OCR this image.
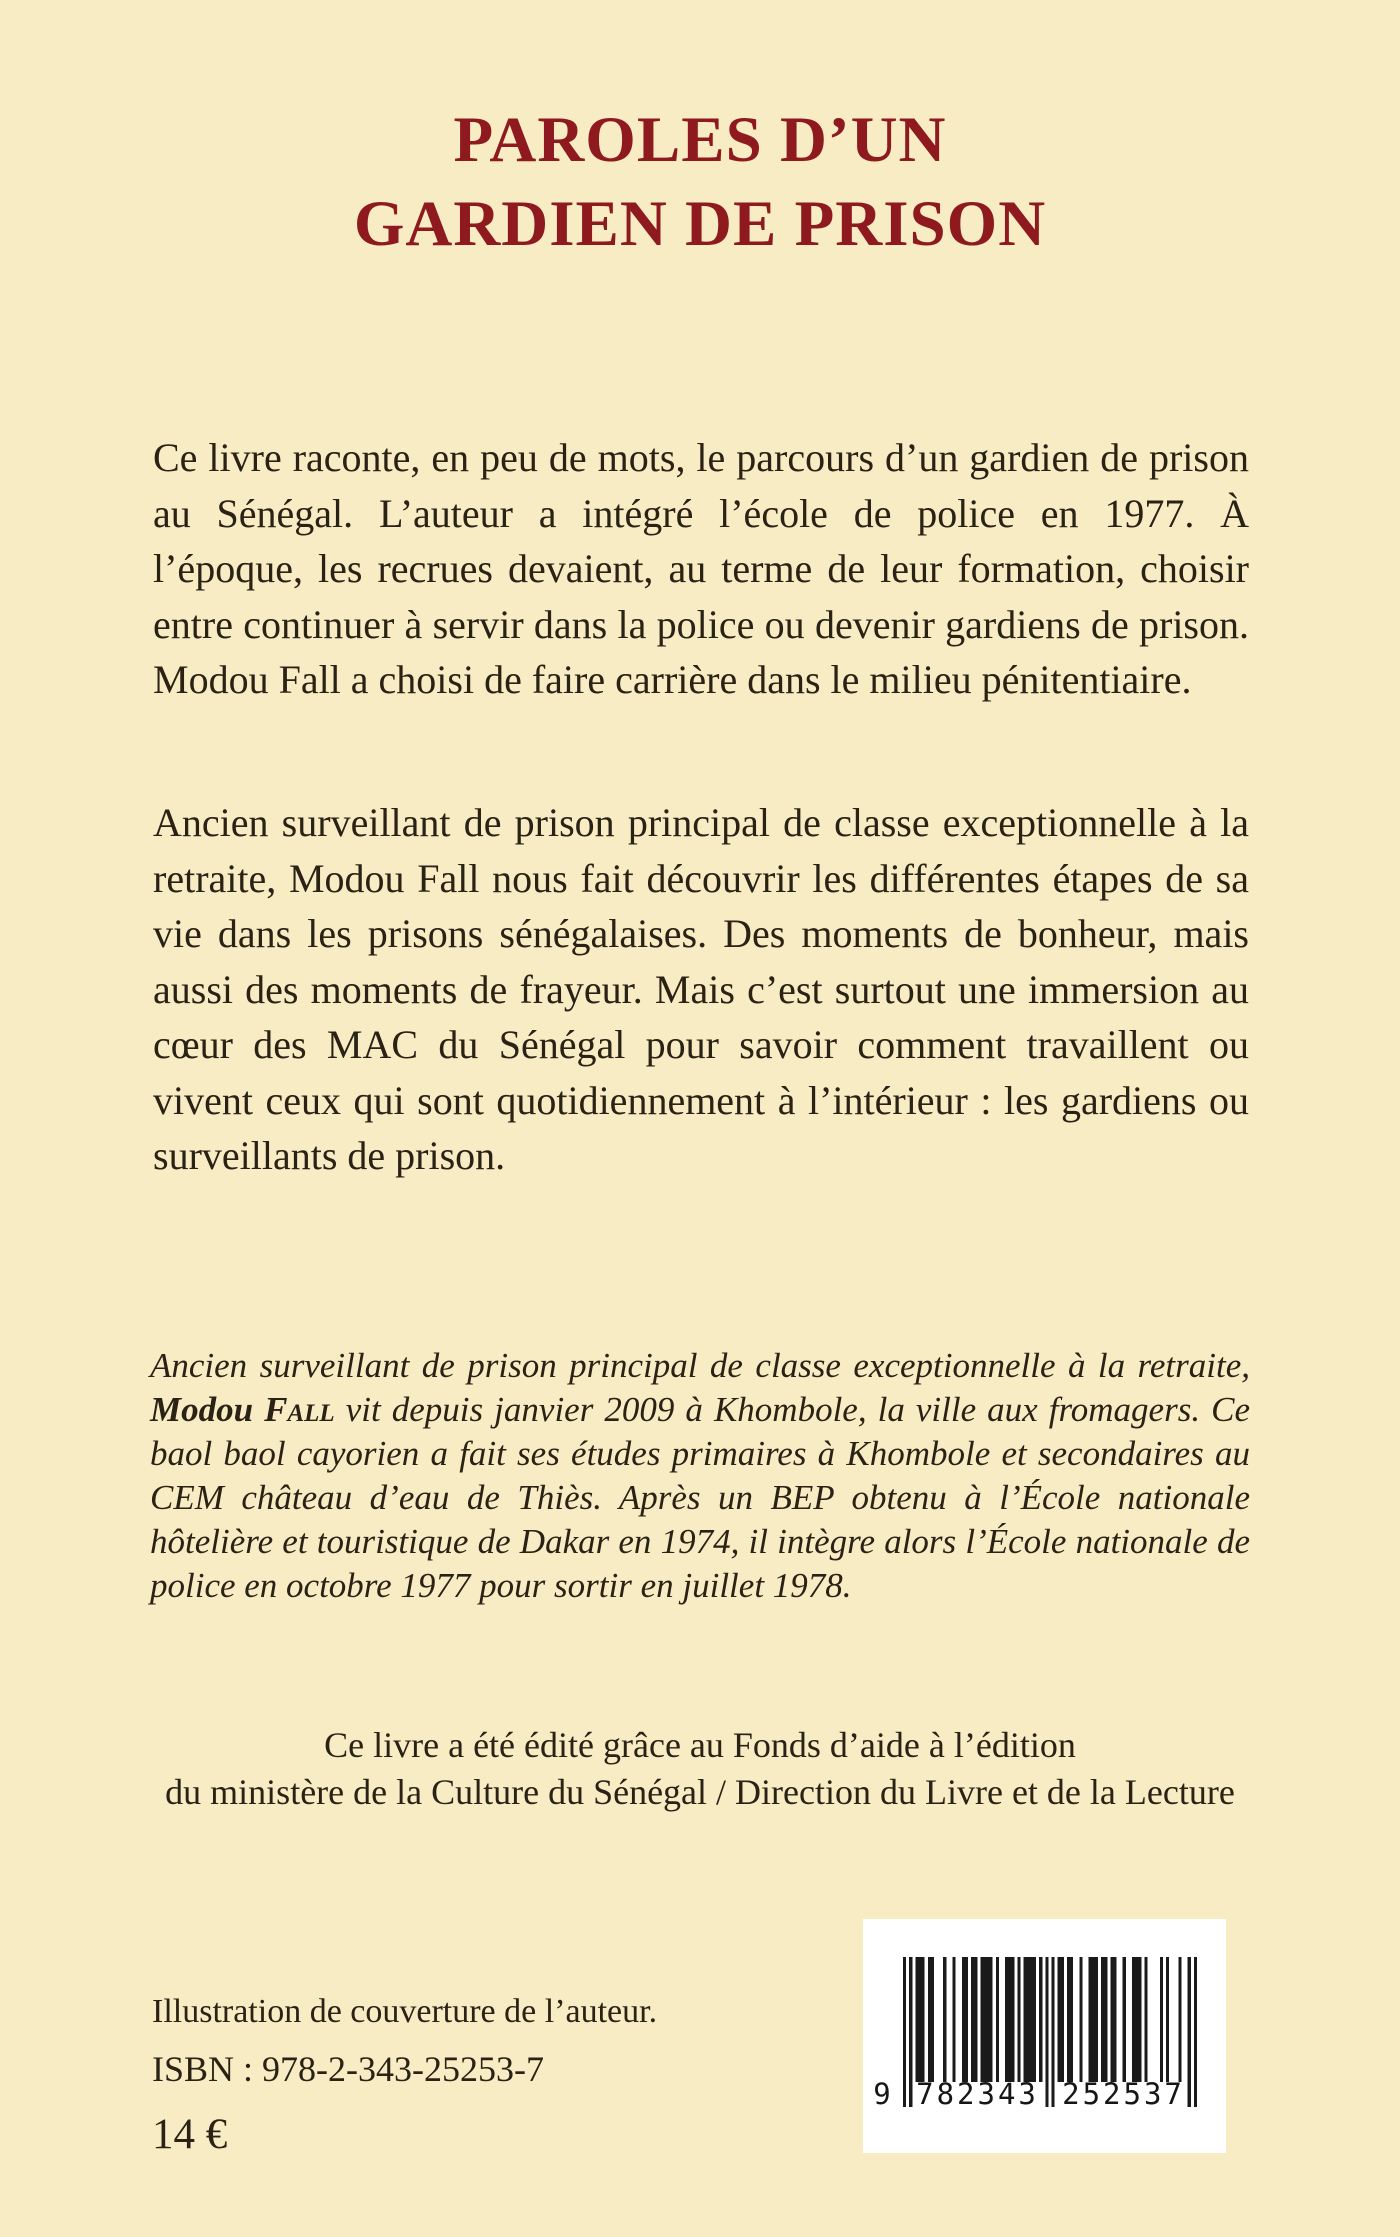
PAROLES D’UN
GARDIEN DE PRISON

Ce livre raconte, en peu de mots, le parcours d’un gardien de prison au Sénégal. L’auteur a intégré l’école de police en 1977. À l’époque, les recrues devaient, au terme de leur formation, choisir entre continuer à servir dans la police ou devenir gardiens de prison. Modou Fall a choisi de faire carrière dans le milieu pénitentiaire.

Ancien surveillant de prison principal de classe exceptionnelle à la retraite, Modou Fall nous fait découvrir les différentes étapes de sa vie dans les prisons sénégalaises. Des moments de bonheur, mais aussi des moments de frayeur. Mais c’est surtout une immersion au cœur des MAC du Sénégal pour savoir comment travaillent ou vivent ceux qui sont quotidiennement à l’intérieur : les gardiens ou surveillants de prison.

Ancien surveillant de prison principal de classe exceptionnelle à la retraite, Modou Fall vit depuis janvier 2009 à Khombole, la ville aux fromagers. Ce baol baol cayorien a fait ses études primaires à Khombole et secondaires au CEM château d’eau de Thiès. Après un BEP obtenu à l’École nationale hôtelière et touristique de Dakar en 1974, il intègre alors l’École nationale de police en octobre 1977 pour sortir en juillet 1978.

Ce livre a été édité grâce au Fonds d’aide à l’édition
du ministère de la Culture du Sénégal / Direction du Livre et de la Lecture
Illustration de couverture de l’auteur.
ISBN : 978-2-343-25253-7
14 €
9 782343 252537
